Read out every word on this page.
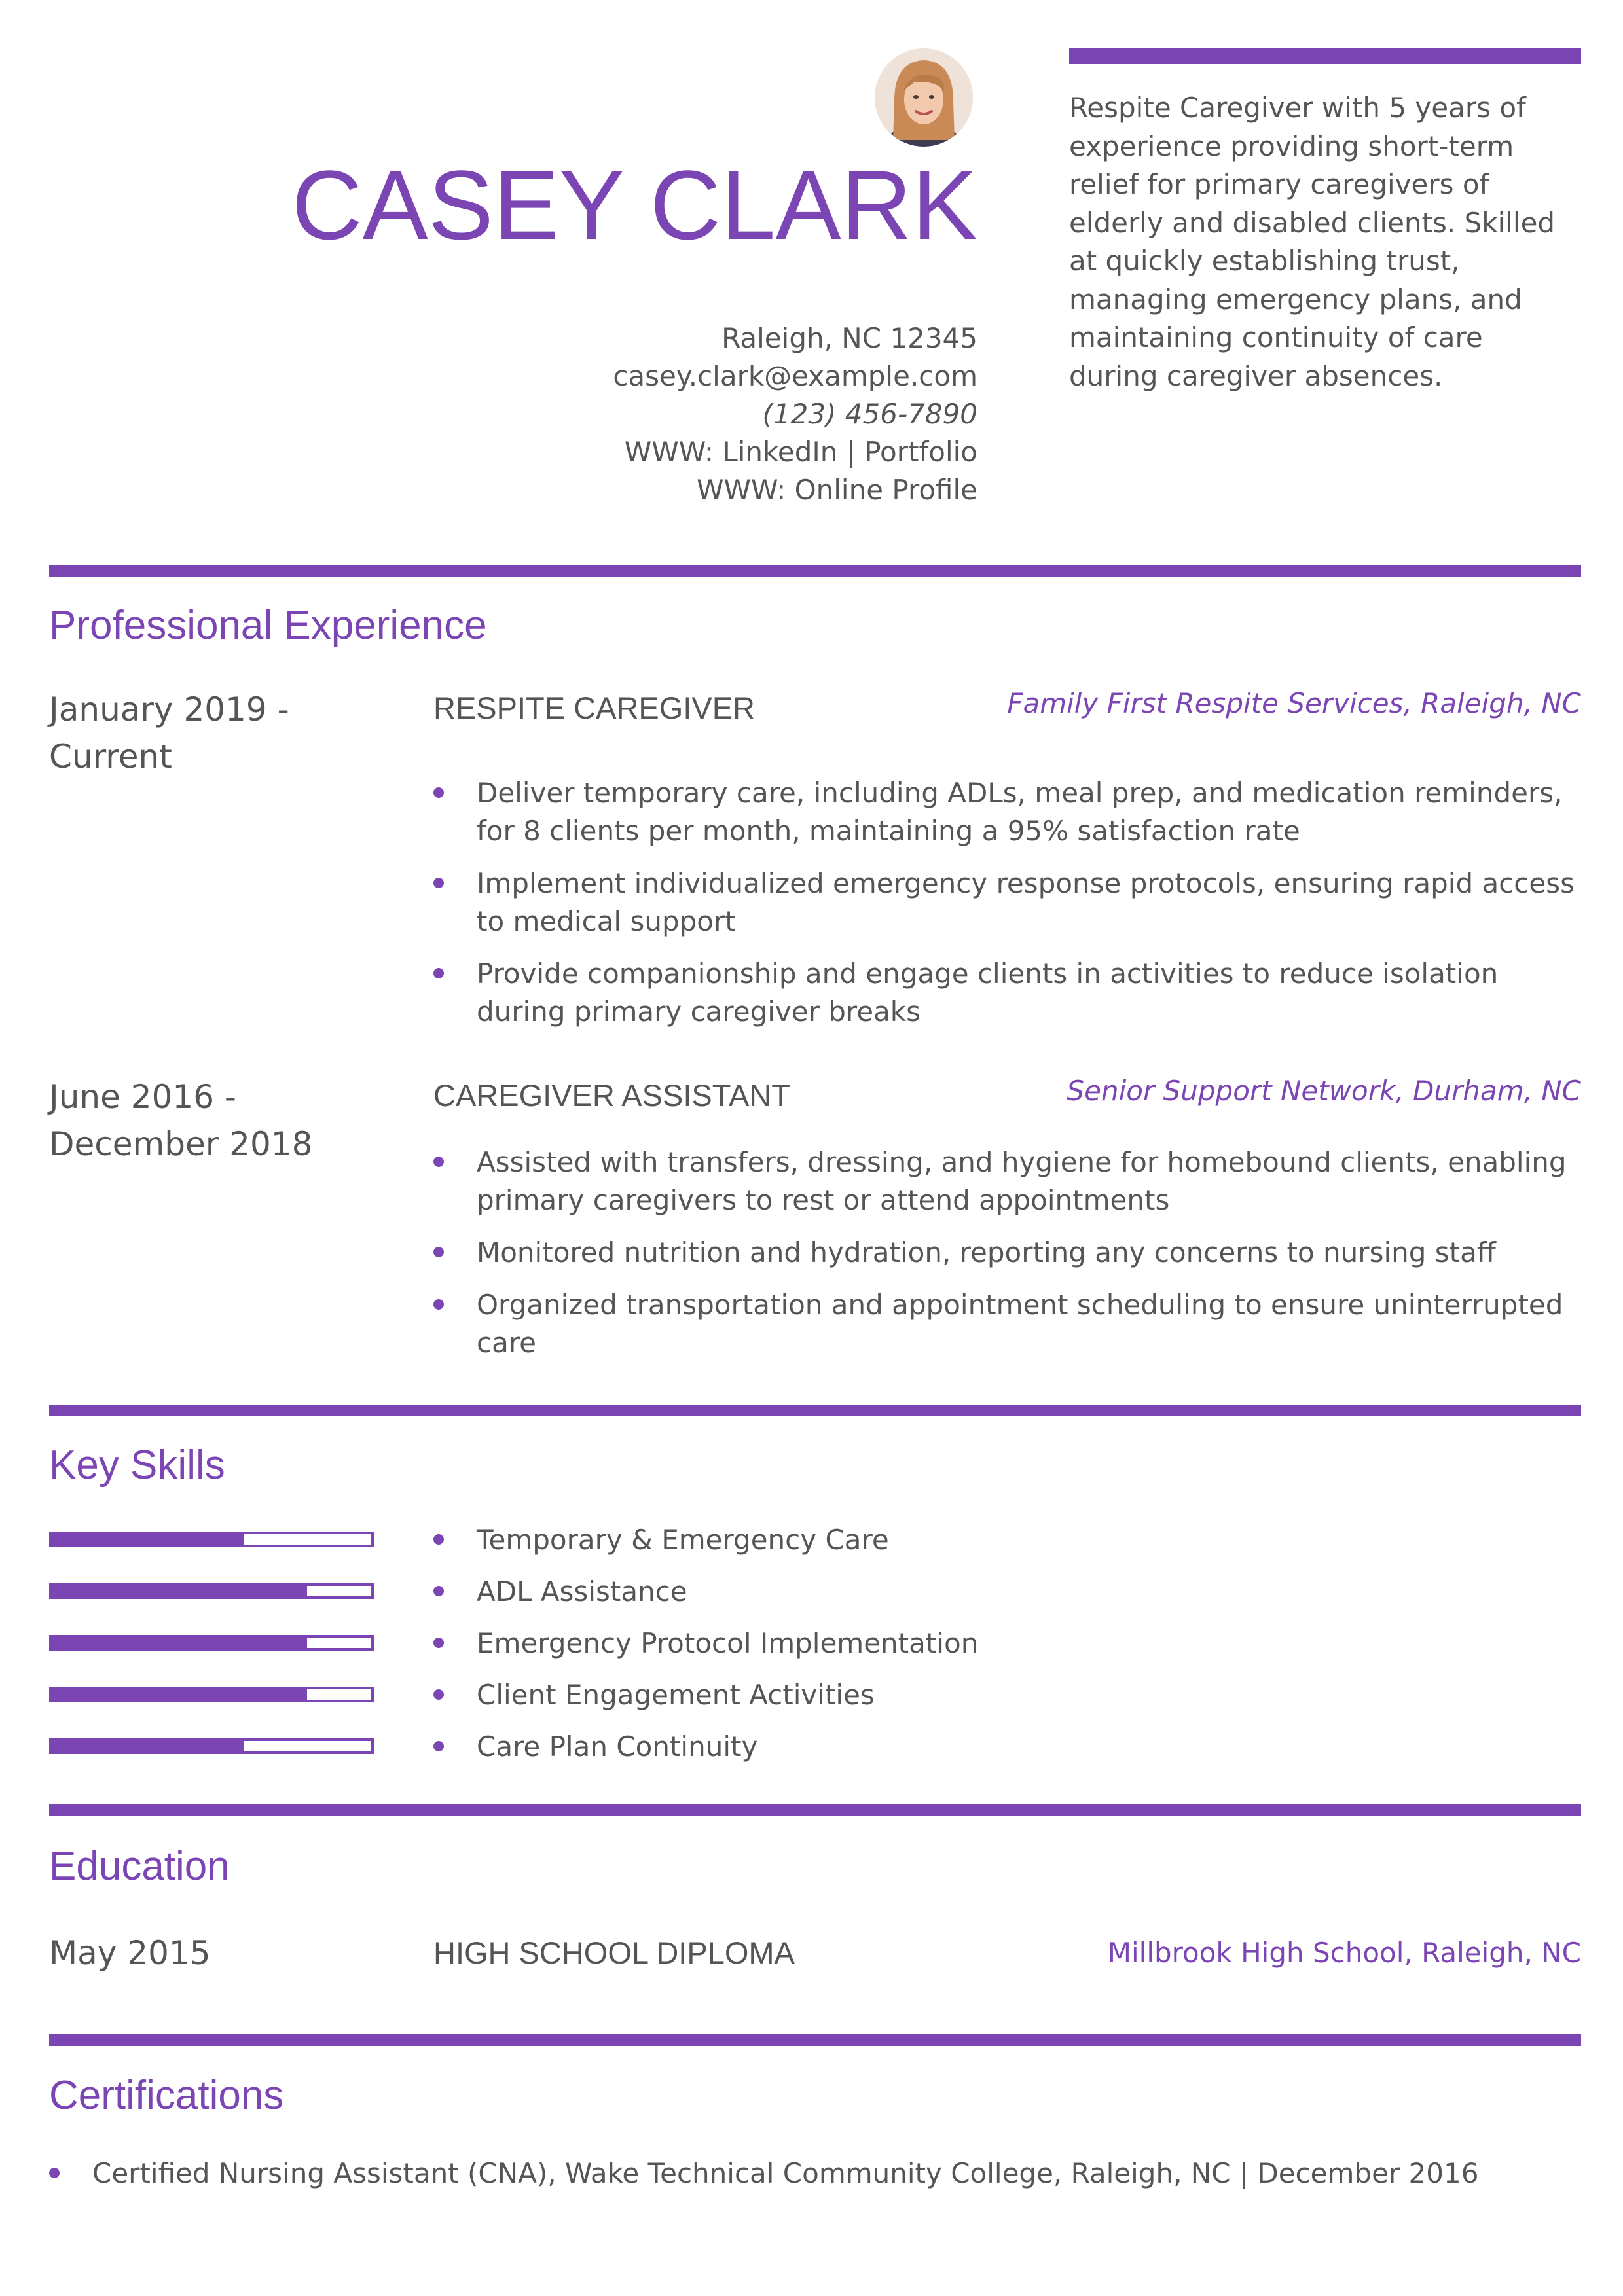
CASEY CLARK
Raleigh, NC 12345
casey.clark@example.com
(123) 456-7890
WWW: LinkedIn | Portfolio
WWW: Online Profile
Respite Caregiver with 5 years of experience providing short-term relief for primary caregivers of elderly and disabled clients. Skilled at quickly establishing trust, managing emergency plans, and maintaining continuity of care during caregiver absences.
Professional Experience
January 2019 -
Current
RESPITE CAREGIVER	Family First Respite Services, Raleigh, NC
Deliver temporary care, including ADLs, meal prep, and medication reminders, for 8 clients per month, maintaining a 95% satisfaction rate
Implement individualized emergency response protocols, ensuring rapid access to medical support
Provide companionship and engage clients in activities to reduce isolation during primary caregiver breaks
June 2016 -
December 2018
CAREGIVER ASSISTANT	Senior Support Network, Durham, NC
Assisted with transfers, dressing, and hygiene for homebound clients, enabling primary caregivers to rest or attend appointments
Monitored nutrition and hydration, reporting any concerns to nursing staff
Organized transportation and appointment scheduling to ensure uninterrupted care
Key Skills
Temporary & Emergency Care
ADL Assistance
Emergency Protocol Implementation
Client Engagement Activities
Care Plan Continuity
Education
May 2015	HIGH SCHOOL DIPLOMA	Millbrook High School, Raleigh, NC
Certifications
Certified Nursing Assistant (CNA), Wake Technical Community College, Raleigh, NC | December 2016
